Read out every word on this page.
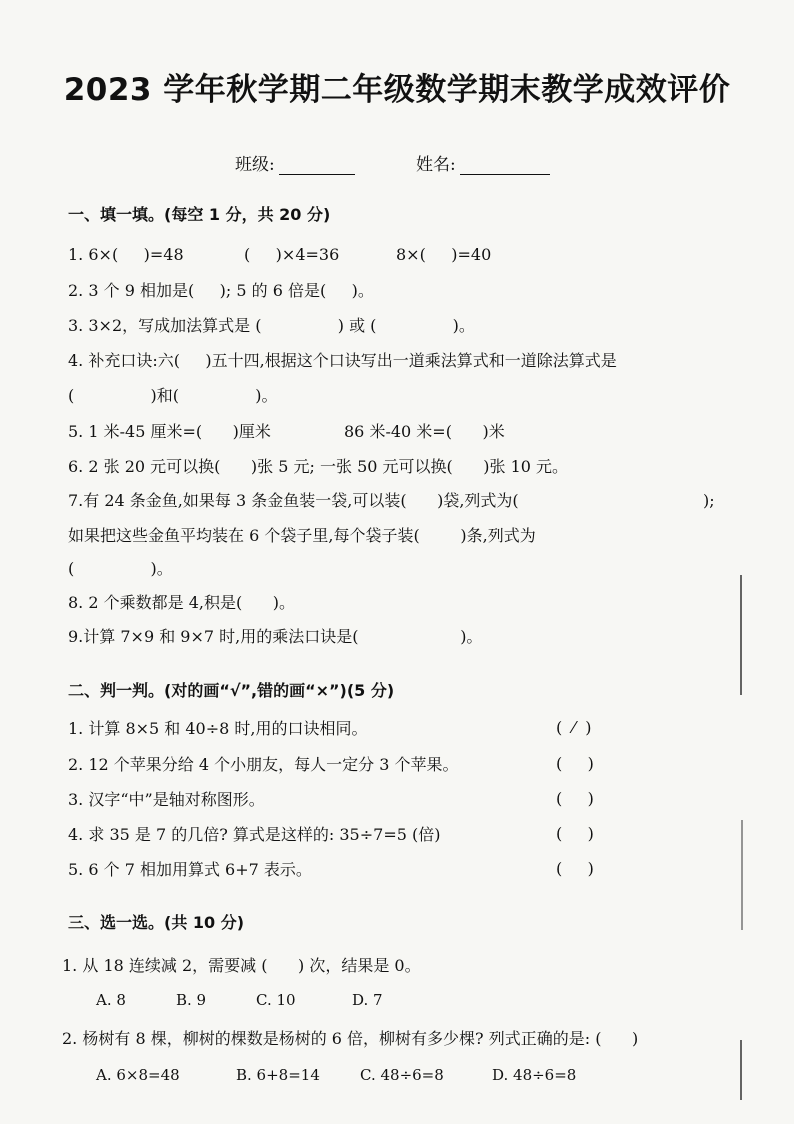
2023 学年秋学期二年级数学期末教学成效评价
班级:	姓名:
一、填一填。(每空 1 分，共 20 分)
1. 6×(     )=48	(     )×4=36	8×(     )=40
2. 3 个 9 相加是(     ); 5 的 6 倍是(     )。
3. 3×2，写成加法算式是 (               ) 或 (               )。
4. 补充口诀:六(     )五十四,根据这个口诀写出一道乘法算式和一道除法算式是
(               )和(               )。
5. 1 米-45 厘米=(      )厘米	86 米-40 米=(      )米
6. 2 张 20 元可以换(      )张 5 元; 一张 50 元可以换(      )张 10 元。
7.有 24 条金鱼,如果每 3 条金鱼装一袋,可以装(      )袋,列式为(	);
如果把这些金鱼平均装在 6 个袋子里,每个袋子装(        )条,列式为
(               )。
8. 2 个乘数都是 4,积是(      )。
9.计算 7×9 和 9×7 时,用的乘法口诀是(                    )。
二、判一判。(对的画“√”,错的画“×”)(5 分)
1. 计算 8×5 和 40÷8 时,用的口诀相同。	(  ⁄  )
2. 12 个苹果分给 4 个小朋友，每人一定分 3 个苹果。	(     )
3. 汉字“中”是轴对称图形。	(     )
4. 求 35 是 7 的几倍? 算式是这样的: 35÷7=5 (倍)	(     )
5. 6 个 7 相加用算式 6+7 表示。	(     )
三、选一选。(共 10 分)
1. 从 18 连续减 2，需要减 (      ) 次，结果是 0。
A. 8	B. 9	C. 10	D. 7
2. 杨树有 8 棵，柳树的棵数是杨树的 6 倍，柳树有多少棵? 列式正确的是: (      )
A. 6×8=48	B. 6+8=14	C. 48÷6=8	D. 48÷6=8
